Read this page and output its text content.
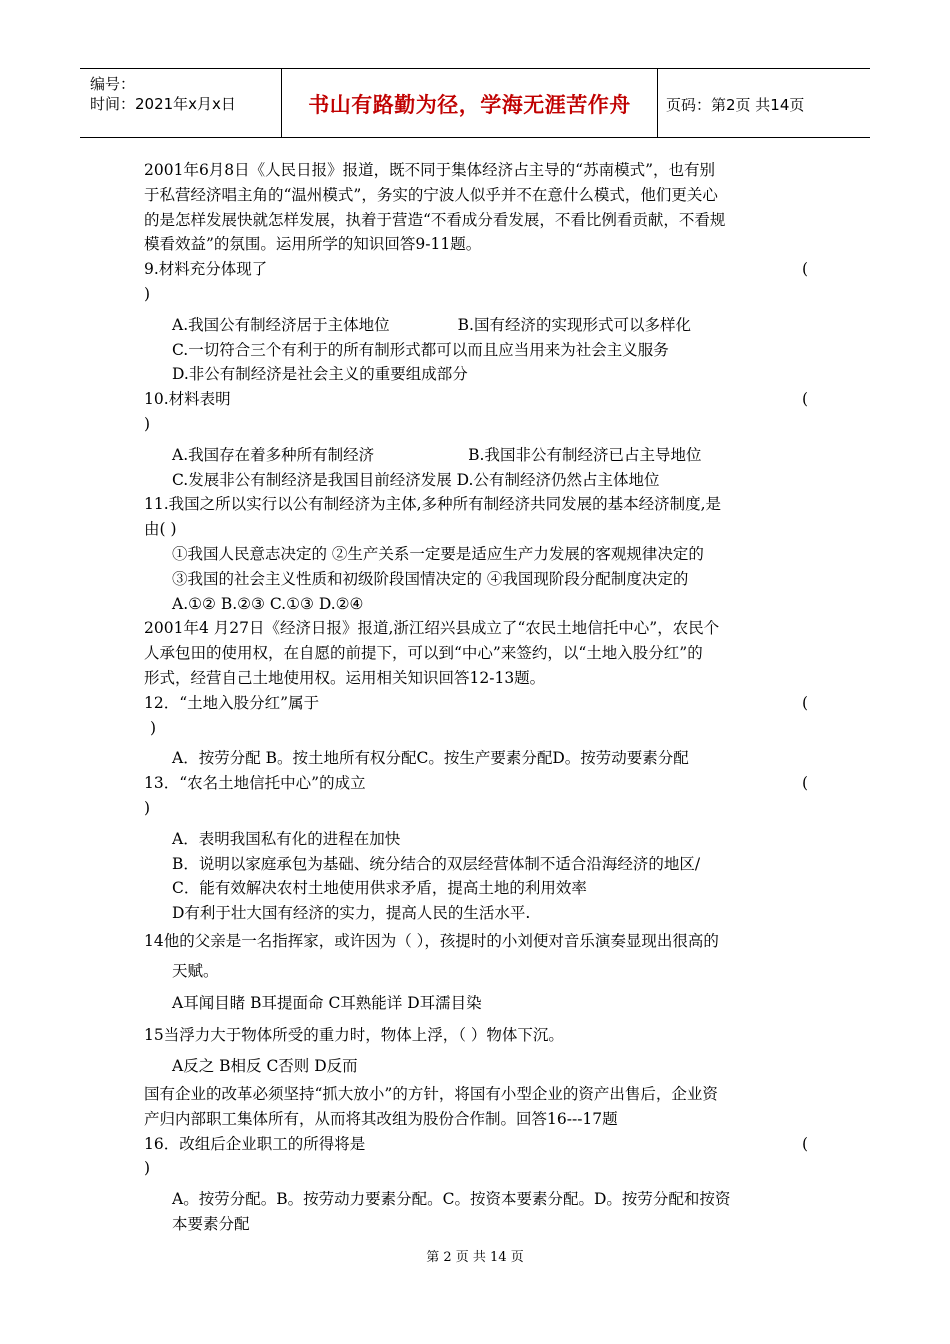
编号：
时间：2021年x月x日	书山有路勤为径，学海无涯苦作舟	页码：第2页 共14页

2001年6月8日《人民日报》报道，既不同于集体经济占主导的“苏南模式”，也有别

于私营经济唱主角的“温州模式”，务实的宁波人似乎并不在意什么模式，他们更关心

的是怎样发展快就怎样发展，执着于营造“不看成分看发展，不看比例看贡献，不看规

模看效益”的氛围。运用所学的知识回答9-11题。

9.材料充分体现了	(

)

A.我国公有制经济居于主体地位	B.国有经济的实现形式可以多样化

C.一切符合三个有利于的所有制形式都可以而且应当用来为社会主义服务

D.非公有制经济是社会主义的重要组成部分

10.材料表明	(

)

A.我国存在着多种所有制经济	B.我国非公有制经济已占主导地位

C.发展非公有制经济是我国目前经济发展 D.公有制经济仍然占主体地位

11.我国之所以实行以公有制经济为主体,多种所有制经济共同发展的基本经济制度,是

由( )

①我国人民意志决定的 ②生产关系一定要是适应生产力发展的客观规律决定的

③我国的社会主义性质和初级阶段国情决定的 ④我国现阶段分配制度决定的

A.①② B.②③ C.①③ D.②④

2001年4 月27日《经济日报》报道,浙江绍兴县成立了“农民土地信托中心”，农民个

人承包田的使用权，在自愿的前提下，可以到“中心”来签约，以“土地入股分红”的

形式，经营自己土地使用权。运用相关知识回答12-13题。

12．“土地入股分红”属于	(

)

A．按劳分配 B。按土地所有权分配C。按生产要素分配D。按劳动要素分配

13．“农名土地信托中心”的成立	(

)

A．表明我国私有化的进程在加快

B．说明以家庭承包为基础、统分结合的双层经营体制不适合沿海经济的地区/

C．能有效解决农村土地使用供求矛盾，提高土地的利用效率

D有利于壮大国有经济的实力，提高人民的生活水平.

14他的父亲是一名指挥家，或许因为（ ），孩提时的小刘便对音乐演奏显现出很高的

天赋。

A耳闻目睹 B耳提面命 C耳熟能详 D耳濡目染

15当浮力大于物体所受的重力时，物体上浮，（ ）物体下沉。

A反之 B相反 C否则 D反而

国有企业的改革必须坚持“抓大放小”的方针，将国有小型企业的资产出售后，企业资

产归内部职工集体所有，从而将其改组为股份合作制。回答16---17题

16．改组后企业职工的所得将是	(

)

A。按劳分配。B。按劳动力要素分配。C。按资本要素分配。D。按劳分配和按资

本要素分配

第 2 页 共 14 页
